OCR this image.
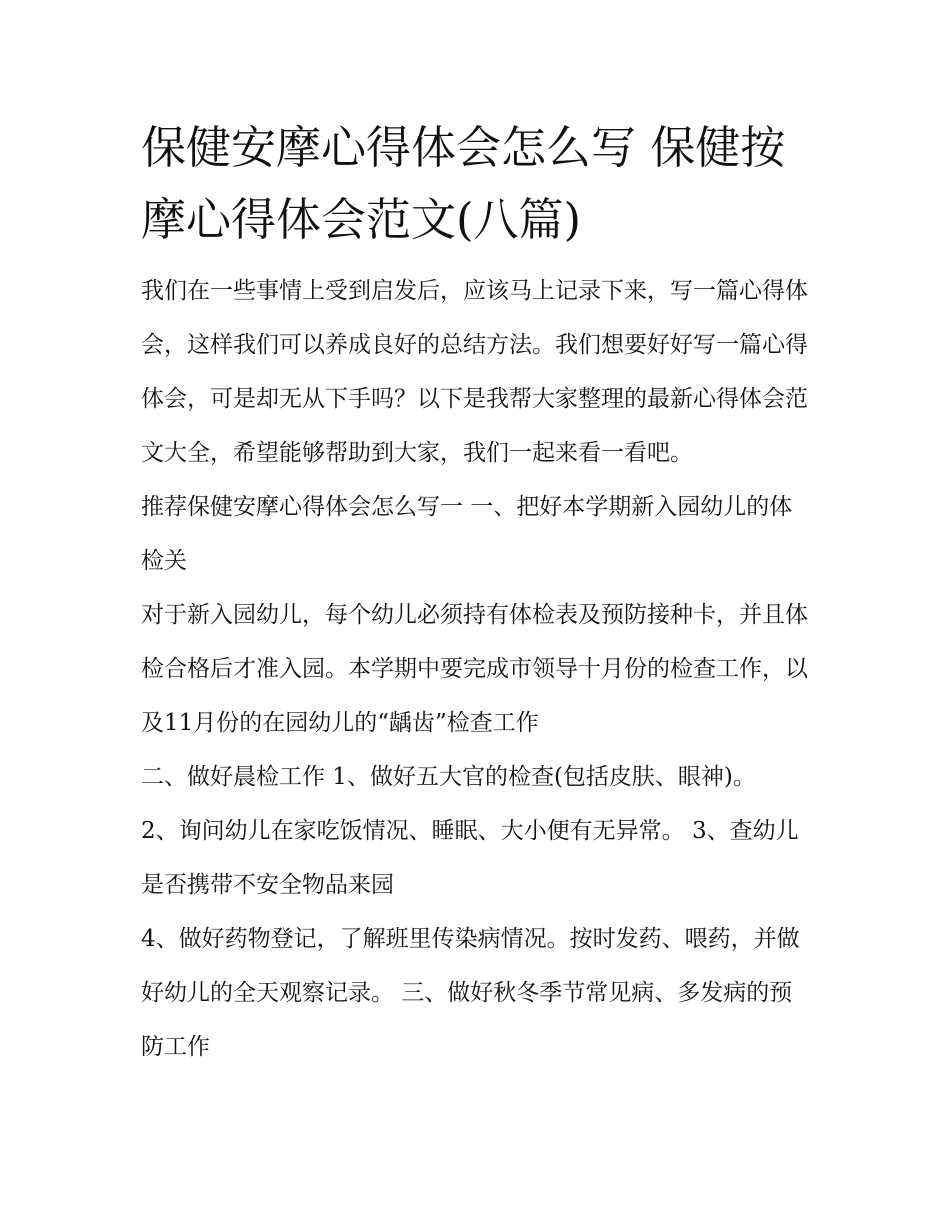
保健安摩心得体会怎么写 保健按摩心得体会范文(八篇)

我们在一些事情上受到启发后，应该马上记录下来，写一篇心得体会，这样我们可以养成良好的总结方法。我们想要好好写一篇心得体会，可是却无从下手吗？以下是我帮大家整理的最新心得体会范文大全，希望能够帮助到大家，我们一起来看一看吧。

推荐保健安摩心得体会怎么写一 一、把好本学期新入园幼儿的体检关

对于新入园幼儿，每个幼儿必须持有体检表及预防接种卡，并且体检合格后才准入园。本学期中要完成市领导十月份的检查工作，以及11月份的在园幼儿的“龋齿”检查工作

二、做好晨检工作 1、做好五大官的检查(包括皮肤、眼神)。

2、询问幼儿在家吃饭情况、睡眠、大小便有无异常。 3、查幼儿是否携带不安全物品来园

4、做好药物登记，了解班里传染病情况。按时发药、喂药，并做好幼儿的全天观察记录。 三、做好秋冬季节常见病、多发病的预防工作
